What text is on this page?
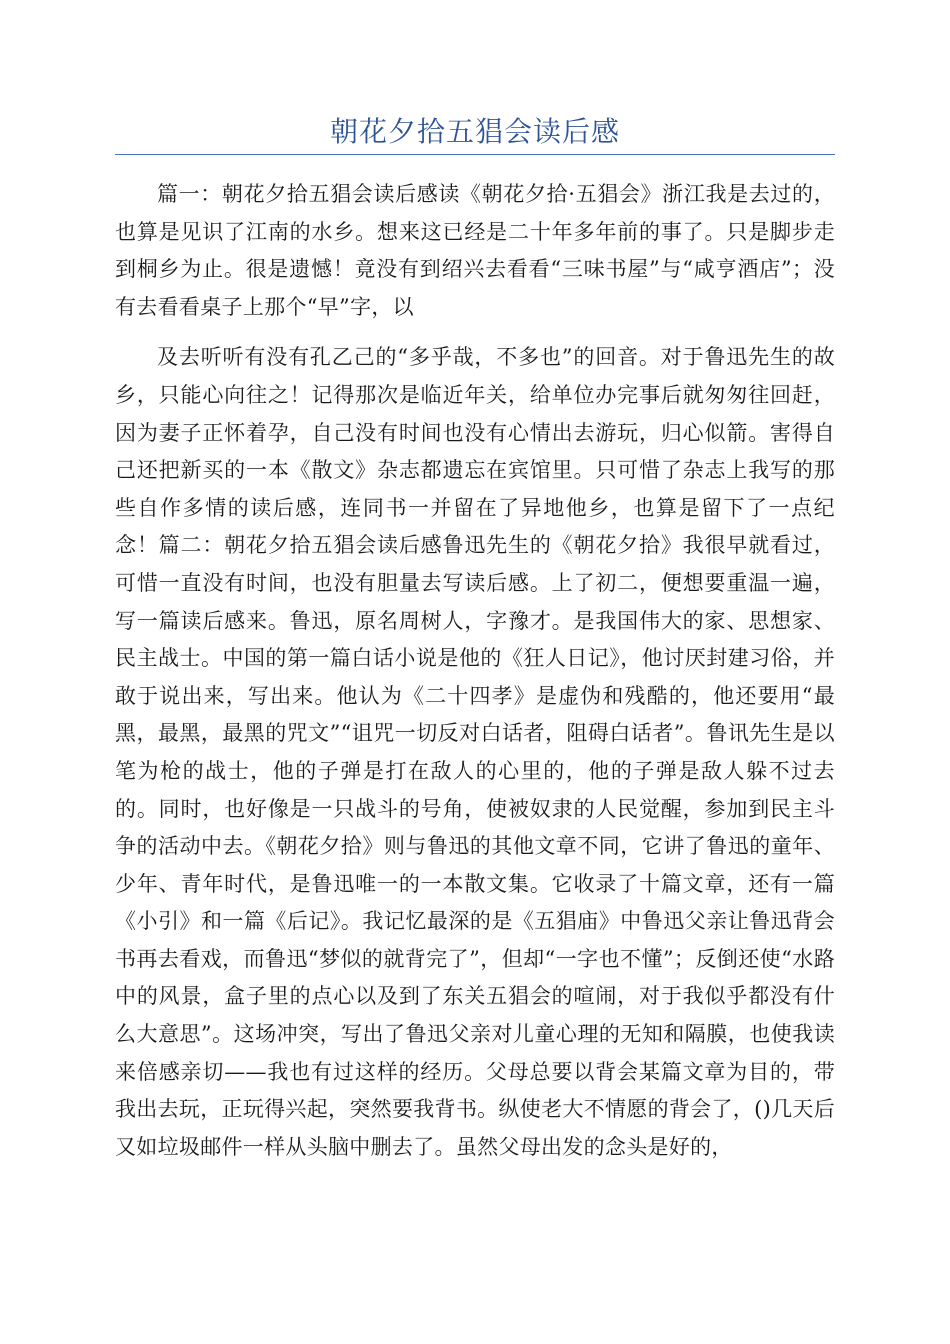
朝花夕拾五猖会读后感

篇一：朝花夕拾五猖会读后感读《朝花夕拾·五猖会》浙江我是去过的，也算是见识了江南的水乡。想来这已经是二十年多年前的事了。只是脚步走到桐乡为止。很是遗憾！竟没有到绍兴去看看“三味书屋”与“咸亨酒店”；没有去看看桌子上那个“早”字，以

及去听听有没有孔乙己的“多乎哉，不多也”的回音。对于鲁迅先生的故乡，只能心向往之！记得那次是临近年关，给单位办完事后就匆匆往回赶，因为妻子正怀着孕，自己没有时间也没有心情出去游玩，归心似箭。害得自己还把新买的一本《散文》杂志都遗忘在宾馆里。只可惜了杂志上我写的那些自作多情的读后感，连同书一并留在了异地他乡，也算是留下了一点纪念！篇二：朝花夕拾五猖会读后感鲁迅先生的《朝花夕拾》我很早就看过，可惜一直没有时间，也没有胆量去写读后感。上了初二，便想要重温一遍，写一篇读后感来。鲁迅，原名周树人，字豫才。是我国伟大的家、思想家、民主战士。中国的第一篇白话小说是他的《狂人日记》，他讨厌封建习俗，并敢于说出来，写出来。他认为《二十四孝》是虚伪和残酷的，他还要用“最黑，最黑，最黑的咒文”“诅咒一切反对白话者，阻碍白话者”。鲁讯先生是以笔为枪的战士，他的子弹是打在敌人的心里的，他的子弹是敌人躲不过去的。同时，也好像是一只战斗的号角，使被奴隶的人民觉醒，参加到民主斗争的活动中去。《朝花夕拾》则与鲁迅的其他文章不同，它讲了鲁迅的童年、少年、青年时代，是鲁迅唯一的一本散文集。它收录了十篇文章，还有一篇《小引》和一篇《后记》。我记忆最深的是《五猖庙》中鲁迅父亲让鲁迅背会书再去看戏，而鲁迅“梦似的就背完了”，但却“一字也不懂”；反倒还使“水路中的风景，盒子里的点心以及到了东关五猖会的喧闹，对于我似乎都没有什么大意思”。这场冲突，写出了鲁迅父亲对儿童心理的无知和隔膜，也使我读来倍感亲切——我也有过这样的经历。父母总要以背会某篇文章为目的，带我出去玩，正玩得兴起，突然要我背书。纵使老大不情愿的背会了，()几天后又如垃圾邮件一样从头脑中删去了。虽然父母出发的念头是好的，
